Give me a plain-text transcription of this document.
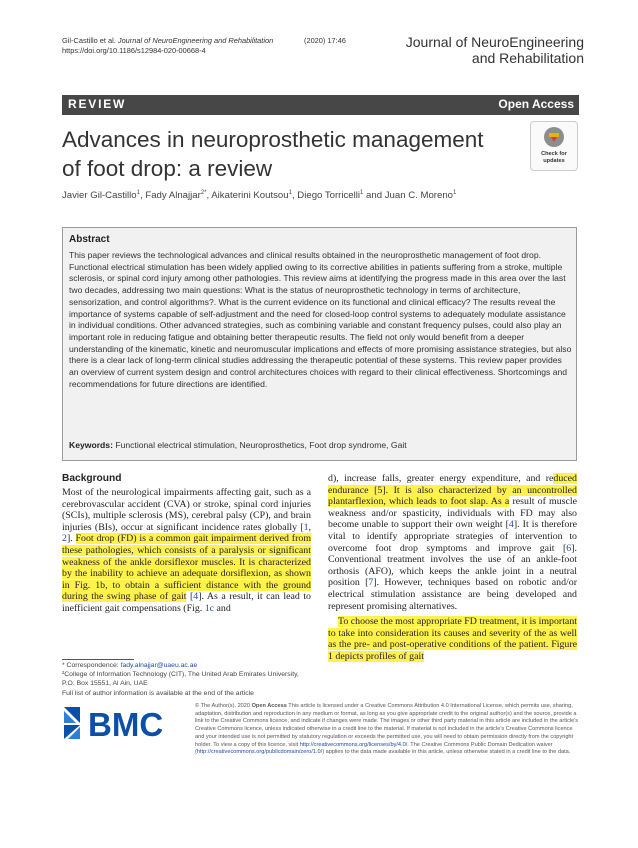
Gil-Castillo et al. Journal of NeuroEngineering and Rehabilitation	(2020) 17:46
https://doi.org/10.1186/s12984-020-00668-4
Journal of NeuroEngineering
and Rehabilitation
REVIEW	Open Access
Advances in neuroprosthetic management
of foot drop: a review
Check for
updates
Javier Gil-Castillo$^1$, Fady Alnajjar$^{2*}$, Aikaterini Koutsou$^1$, Diego Torricelli$^1$ and Juan C. Moreno$^1$
Abstract
This paper reviews the technological advances and clinical results obtained in the neuroprosthetic management of foot drop. Functional electrical stimulation has been widely applied owing to its corrective abilities in patients suffering from a stroke, multiple sclerosis, or spinal cord injury among other pathologies. This review aims at identifying the progress made in this area over the last two decades, addressing two main questions: What is the status of neuroprosthetic technology in terms of architecture, sensorization, and control algorithms?. What is the current evidence on its functional and clinical efficacy? The results reveal the importance of systems capable of self-adjustment and the need for closed-loop control systems to adequately modulate assistance in individual conditions. Other advanced strategies, such as combining variable and constant frequency pulses, could also play an important role in reducing fatigue and obtaining better therapeutic results. The field not only would benefit from a deeper understanding of the kinematic, kinetic and neuromuscular implications and effects of more promising assistance strategies, but also there is a clear lack of long-term clinical studies addressing the therapeutic potential of these systems. This review paper provides an overview of current system design and control architectures choices with regard to their clinical effectiveness. Shortcomings and recommendations for future directions are identified.
Keywords: Functional electrical stimulation, Neuroprosthetics, Foot drop syndrome, Gait
Background

Most of the neurological impairments affecting gait, such as a cerebrovascular accident (CVA) or stroke, spinal cord injuries (SCIs), multiple sclerosis (MS), cerebral palsy (CP), and brain injuries (BIs), occur at significant incidence rates globally [1, 2]. Foot drop (FD) is a common gait impairment derived from these pathologies, which consists of a paralysis or significant weakness of the ankle dorsiflexor muscles. It is characterized by the inability to achieve an adequate dorsiflexion, as shown in Fig. 1b, to obtain a sufficient distance with the ground during the swing phase of gait [4]. As a result, it can lead to inefficient gait compensations (Fig. 1c and

d), increase falls, greater energy expenditure, and reduced endurance [5]. It is also characterized by an uncontrolled plantarflexion, which leads to foot slap. As a result of muscle weakness and/or spasticity, individuals with FD may also become unable to support their own weight [4]. It is therefore vital to identify appropriate strategies of intervention to overcome foot drop symptoms and improve gait [6]. Conventional treatment involves the use of an ankle-foot orthosis (AFO), which keeps the ankle joint in a neutral position [7]. However, techniques based on robotic and/or electrical stimulation assistance are being developed and represent promising alternatives.

To choose the most appropriate FD treatment, it is important to take into consideration its causes and severity of the as well as the pre- and post-operative conditions of the patient. Figure 1 depicts profiles of gait

* Correspondence: fady.alnajjar@uaeu.ac.ae
²College of Information Technology (CIT), The United Arab Emirates University, P.O. Box 15551, Al Ain, UAE
Full list of author information is available at the end of the article
BMC	© The Author(s). 2020 Open Access This article is licensed under a Creative Commons Attribution 4.0 International License, which permits use, sharing, adaptation, distribution and reproduction in any medium or format, as long as you give appropriate credit to the original author(s) and the source, provide a link to the Creative Commons licence, and indicate if changes were made. The images or other third party material in this article are included in the article's Creative Commons licence, unless indicated otherwise in a credit line to the material. If material is not included in the article's Creative Commons licence and your intended use is not permitted by statutory regulation or exceeds the permitted use, you will need to obtain permission directly from the copyright holder. To view a copy of this licence, visit http://creativecommons.org/licenses/by/4.0/. The Creative Commons Public Domain Dedication waiver (http://creativecommons.org/publicdomain/zero/1.0/) applies to the data made available in this article, unless otherwise stated in a credit line to the data.
